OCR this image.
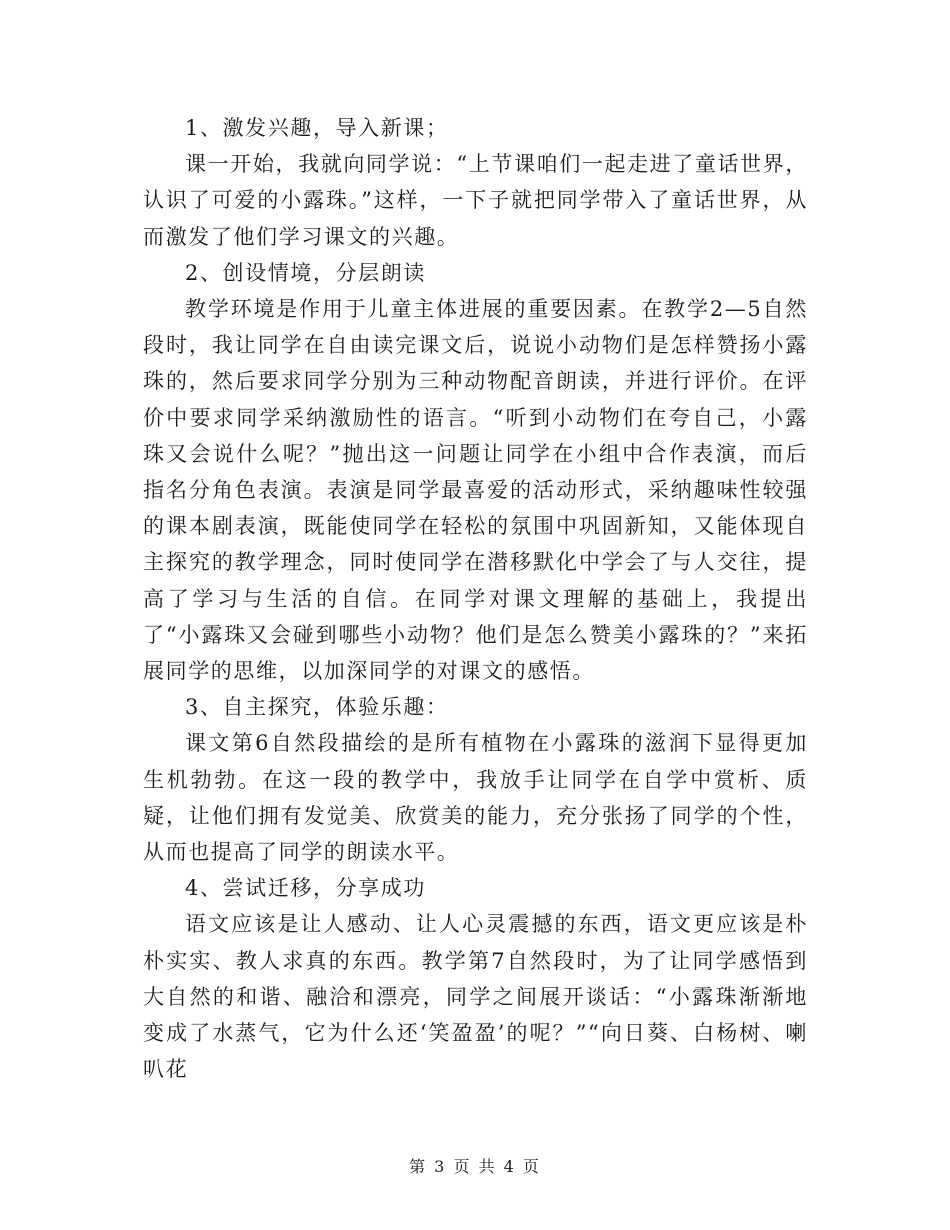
1、激发兴趣，导入新课；

课一开始，我就向同学说：“上节课咱们一起走进了童话世界，认识了可爱的小露珠。”这样，一下子就把同学带入了童话世界，从而激发了他们学习课文的兴趣。

2、创设情境，分层朗读

教学环境是作用于儿童主体进展的重要因素。在教学2—5自然段时，我让同学在自由读完课文后，说说小动物们是怎样赞扬小露珠的，然后要求同学分别为三种动物配音朗读，并进行评价。在评价中要求同学采纳激励性的语言。“听到小动物们在夸自己，小露珠又会说什么呢？”抛出这一问题让同学在小组中合作表演，而后指名分角色表演。表演是同学最喜爱的活动形式，采纳趣味性较强的课本剧表演，既能使同学在轻松的氛围中巩固新知，又能体现自主探究的教学理念，同时使同学在潜移默化中学会了与人交往，提高了学习与生活的自信。在同学对课文理解的基础上，我提出了“小露珠又会碰到哪些小动物？他们是怎么赞美小露珠的？”来拓展同学的思维，以加深同学的对课文的感悟。

3、自主探究，体验乐趣：

课文第6自然段描绘的是所有植物在小露珠的滋润下显得更加生机勃勃。在这一段的教学中，我放手让同学在自学中赏析、质疑，让他们拥有发觉美、欣赏美的能力，充分张扬了同学的个性，从而也提高了同学的朗读水平。

4、尝试迁移，分享成功

语文应该是让人感动、让人心灵震撼的东西，语文更应该是朴朴实实、教人求真的东西。教学第7自然段时，为了让同学感悟到大自然的和谐、融洽和漂亮，同学之间展开谈话：“小露珠渐渐地变成了水蒸气，它为什么还‘笑盈盈’的呢？”“向日葵、白杨树、喇叭花

第 3 页 共 4 页
